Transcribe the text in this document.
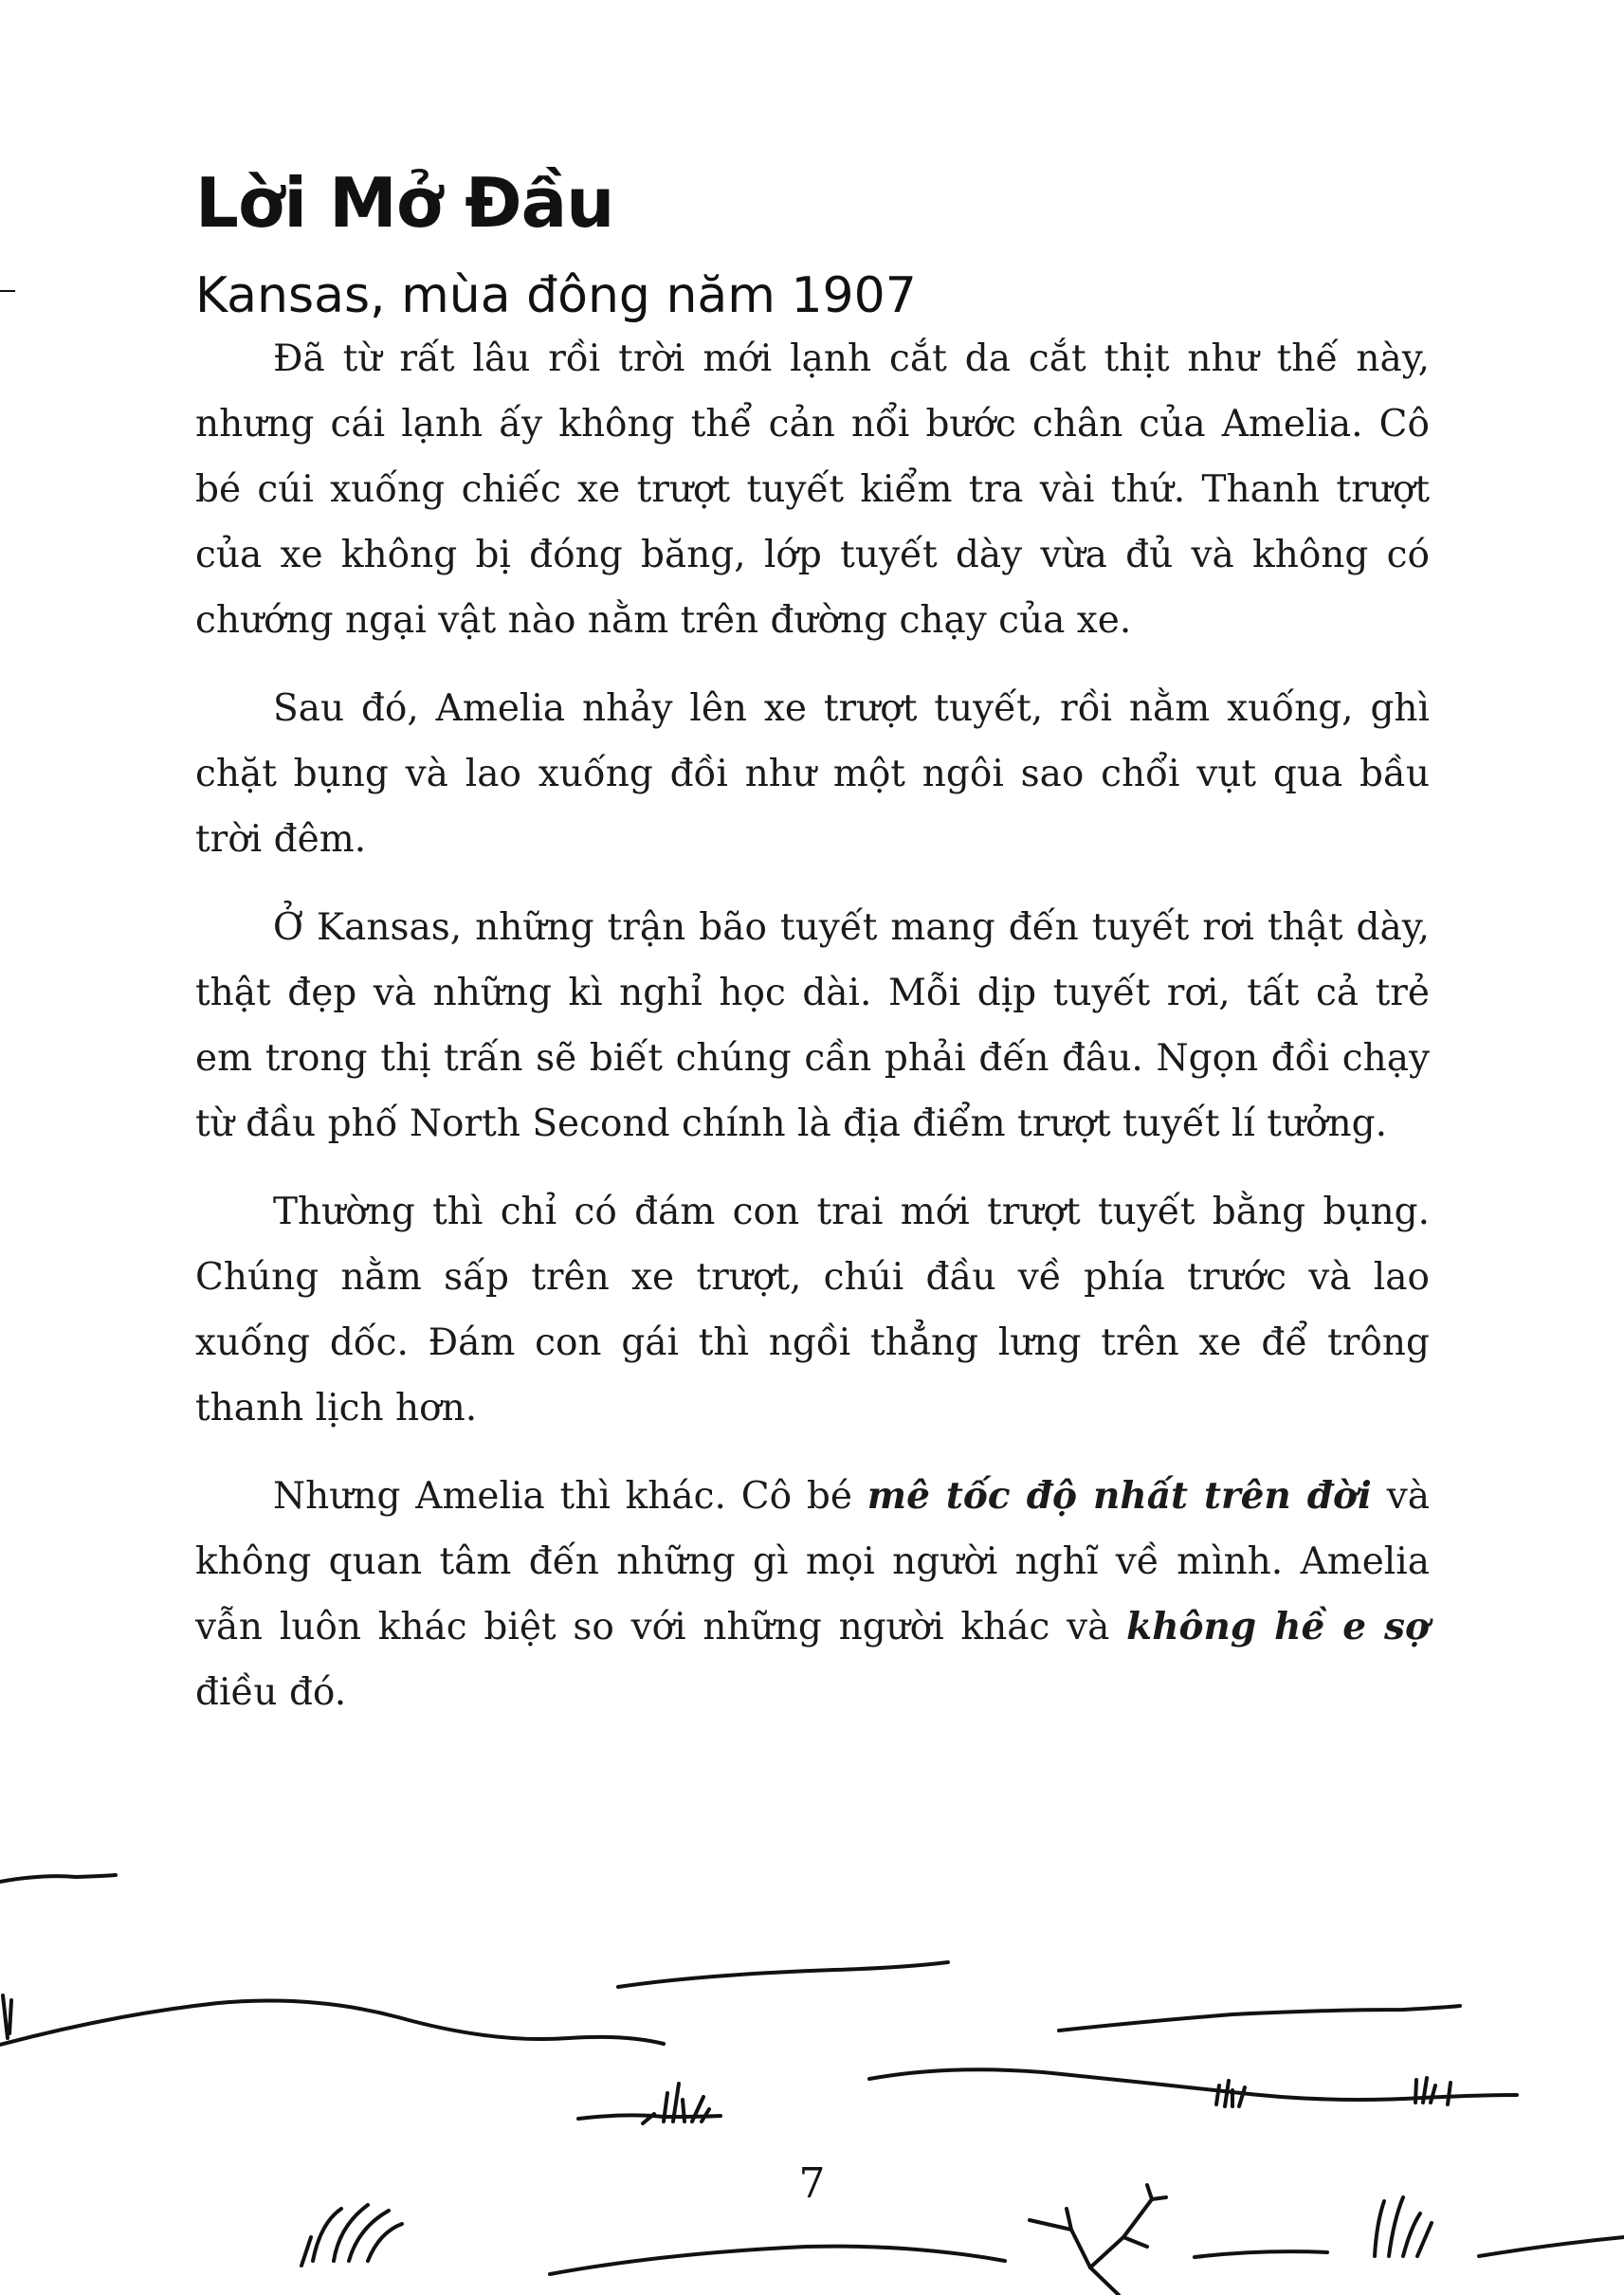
Lời Mở Đầu
Kansas, mùa đông năm 1907

Đã từ rất lâu rồi trời mới lạnh cắt da cắt thịt như thế này, nhưng cái lạnh ấy không thể cản nổi bước chân của Amelia. Cô bé cúi xuống chiếc xe trượt tuyết kiểm tra vài thứ. Thanh trượt của xe không bị đóng băng, lớp tuyết dày vừa đủ và không có chướng ngại vật nào nằm trên đường chạy của xe.

Sau đó, Amelia nhảy lên xe trượt tuyết, rồi nằm xuống, ghì chặt bụng và lao xuống đồi như một ngôi sao chổi vụt qua bầu trời đêm.

Ở Kansas, những trận bão tuyết mang đến tuyết rơi thật dày, thật đẹp và những kì nghỉ học dài. Mỗi dịp tuyết rơi, tất cả trẻ em trong thị trấn sẽ biết chúng cần phải đến đâu. Ngọn đồi chạy từ đầu phố North Second chính là địa điểm trượt tuyết lí tưởng.

Thường thì chỉ có đám con trai mới trượt tuyết bằng bụng. Chúng nằm sấp trên xe trượt, chúi đầu về phía trước và lao xuống dốc. Đám con gái thì ngồi thẳng lưng trên xe để trông thanh lịch hơn.

Nhưng Amelia thì khác. Cô bé mê tốc độ nhất trên đời và không quan tâm đến những gì mọi người nghĩ về mình. Amelia vẫn luôn khác biệt so với những người khác và không hề e sợ điều đó.

7
